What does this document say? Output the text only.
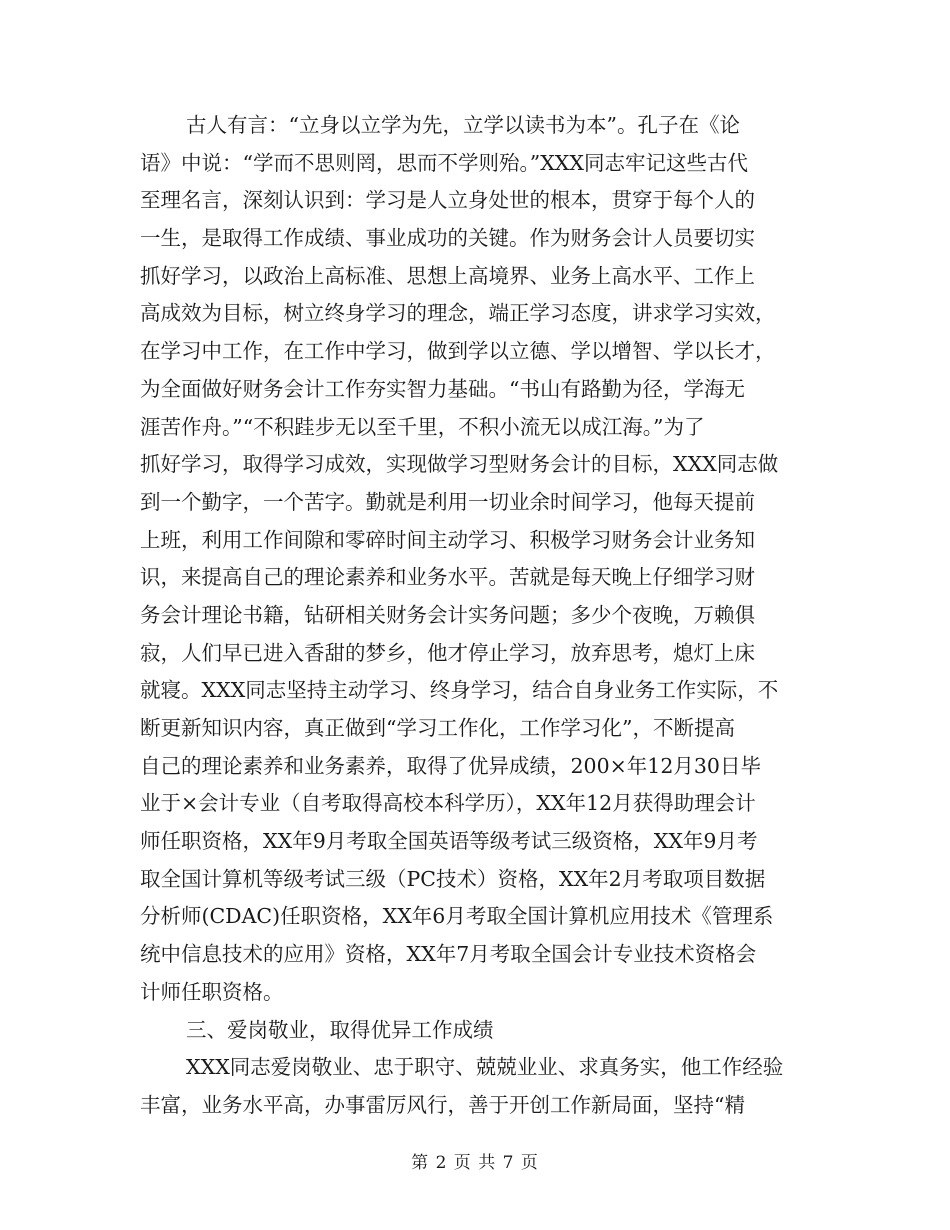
古人有言：“立身以立学为先，立学以读书为本”。孔子在《论
语》中说：“学而不思则罔，思而不学则殆。”XXX同志牢记这些古代
至理名言，深刻认识到：学习是人立身处世的根本，贯穿于每个人的
一生，是取得工作成绩、事业成功的关键。作为财务会计人员要切实
抓好学习，以政治上高标准、思想上高境界、业务上高水平、工作上
高成效为目标，树立终身学习的理念，端正学习态度，讲求学习实效，
在学习中工作，在工作中学习，做到学以立德、学以增智、学以长才，
为全面做好财务会计工作夯实智力基础。“书山有路勤为径，学海无
涯苦作舟。”“不积跬步无以至千里，不积小流无以成江海。”为了
抓好学习，取得学习成效，实现做学习型财务会计的目标，XXX同志做
到一个勤字，一个苦字。勤就是利用一切业余时间学习，他每天提前
上班，利用工作间隙和零碎时间主动学习、积极学习财务会计业务知
识，来提高自己的理论素养和业务水平。苦就是每天晚上仔细学习财
务会计理论书籍，钻研相关财务会计实务问题；多少个夜晚，万赖俱
寂，人们早已进入香甜的梦乡，他才停止学习，放弃思考，熄灯上床
就寝。XXX同志坚持主动学习、终身学习，结合自身业务工作实际，不
断更新知识内容，真正做到“学习工作化，工作学习化”，不断提高
自己的理论素养和业务素养，取得了优异成绩，200×年12月30日毕
业于×会计专业（自考取得高校本科学历），XX年12月获得助理会计
师任职资格，XX年9月考取全国英语等级考试三级资格，XX年9月考
取全国计算机等级考试三级（PC技术）资格，XX年2月考取项目数据
分析师(CDAC)任职资格，XX年6月考取全国计算机应用技术《管理系
统中信息技术的应用》资格，XX年7月考取全国会计专业技术资格会
计师任职资格。
三、爱岗敬业，取得优异工作成绩
XXX同志爱岗敬业、忠于职守、兢兢业业、求真务实，他工作经验
丰富，业务水平高，办事雷厉风行，善于开创工作新局面，坚持“精
第 2 页 共 7 页
